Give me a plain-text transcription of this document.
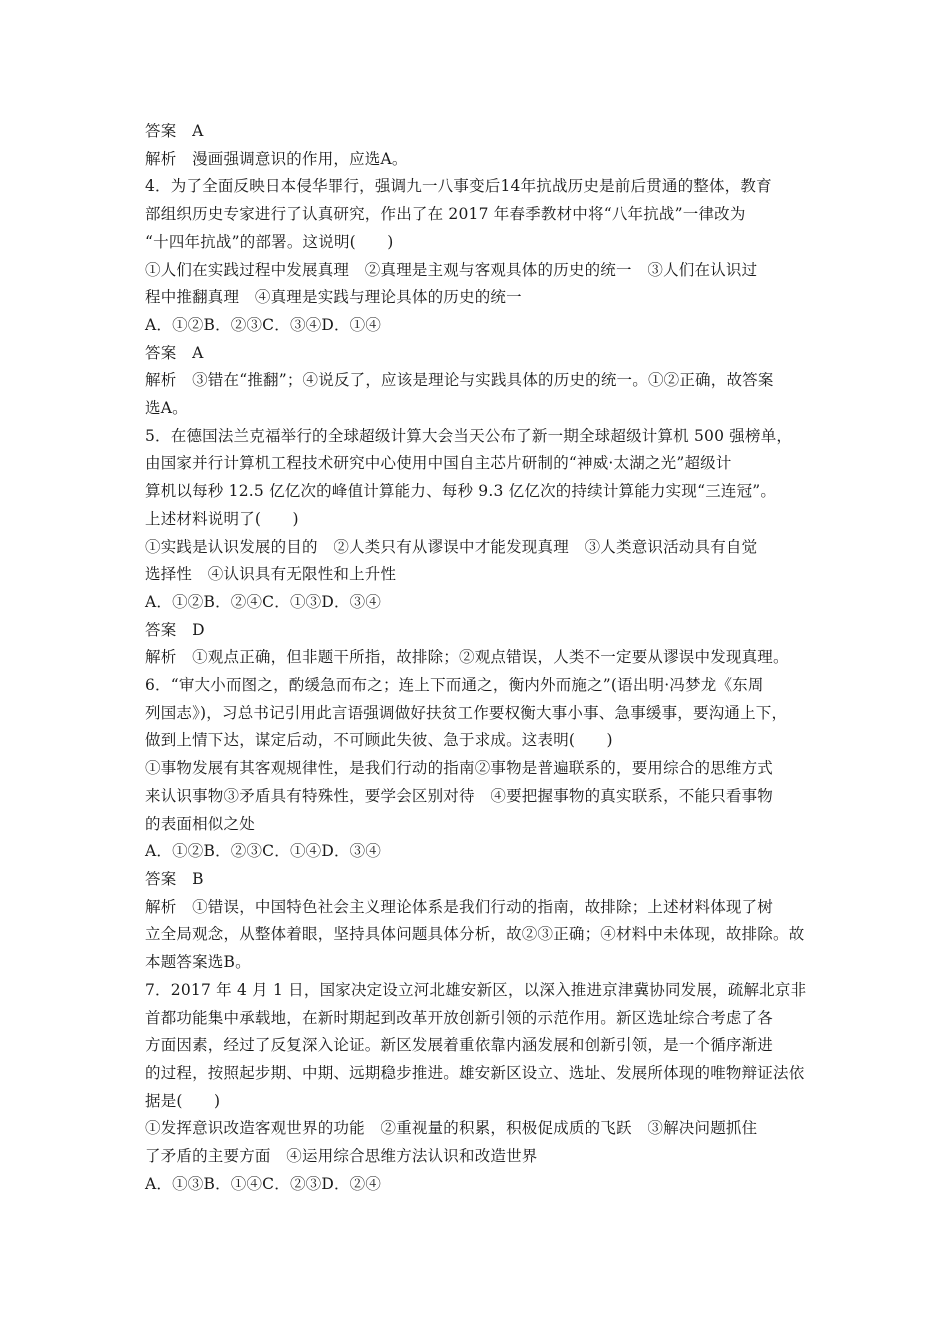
答案　A

解析　漫画强调意识的作用，应选A。

4．为了全面反映日本侵华罪行，强调九一八事变后14年抗战历史是前后贯通的整体，教育

部组织历史专家进行了认真研究，作出了在 2017 年春季教材中将“八年抗战”一律改为

“十四年抗战”的部署。这说明(　　)

①人们在实践过程中发展真理　②真理是主观与客观具体的历史的统一　③人们在认识过

程中推翻真理　④真理是实践与理论具体的历史的统一

A．①②B．②③C．③④D．①④

答案　A

解析　③错在“推翻”；④说反了，应该是理论与实践具体的历史的统一。①②正确，故答案

选A。

5．在德国法兰克福举行的全球超级计算大会当天公布了新一期全球超级计算机 500 强榜单，

由国家并行计算机工程技术研究中心使用中国自主芯片研制的“神威·太湖之光”超级计

算机以每秒 12.5 亿亿次的峰值计算能力、每秒 9.3 亿亿次的持续计算能力实现“三连冠”。

上述材料说明了(　　)

①实践是认识发展的目的　②人类只有从谬误中才能发现真理　③人类意识活动具有自觉

选择性　④认识具有无限性和上升性

A．①②B．②④C．①③D．③④

答案　D

解析　①观点正确，但非题干所指，故排除；②观点错误，人类不一定要从谬误中发现真理。

6．“审大小而图之，酌缓急而布之；连上下而通之，衡内外而施之”(语出明·冯梦龙《东周

列国志》)，习总书记引用此言语强调做好扶贫工作要权衡大事小事、急事缓事，要沟通上下，

做到上情下达，谋定后动，不可顾此失彼、急于求成。这表明(　　)

①事物发展有其客观规律性，是我们行动的指南②事物是普遍联系的，要用综合的思维方式

来认识事物③矛盾具有特殊性，要学会区别对待　④要把握事物的真实联系，不能只看事物

的表面相似之处

A．①②B．②③C．①④D．③④

答案　B

解析　①错误，中国特色社会主义理论体系是我们行动的指南，故排除；上述材料体现了树

立全局观念，从整体着眼，坚持具体问题具体分析，故②③正确；④材料中未体现，故排除。故

本题答案选B。

7．2017 年 4 月 1 日，国家决定设立河北雄安新区，以深入推进京津冀协同发展，疏解北京非

首都功能集中承载地，在新时期起到改革开放创新引领的示范作用。新区选址综合考虑了各

方面因素，经过了反复深入论证。新区发展着重依靠内涵发展和创新引领，是一个循序渐进

的过程，按照起步期、中期、远期稳步推进。雄安新区设立、选址、发展所体现的唯物辩证法依

据是(　　)

①发挥意识改造客观世界的功能　②重视量的积累，积极促成质的飞跃　③解决问题抓住

了矛盾的主要方面　④运用综合思维方法认识和改造世界

A．①③B．①④C．②③D．②④
